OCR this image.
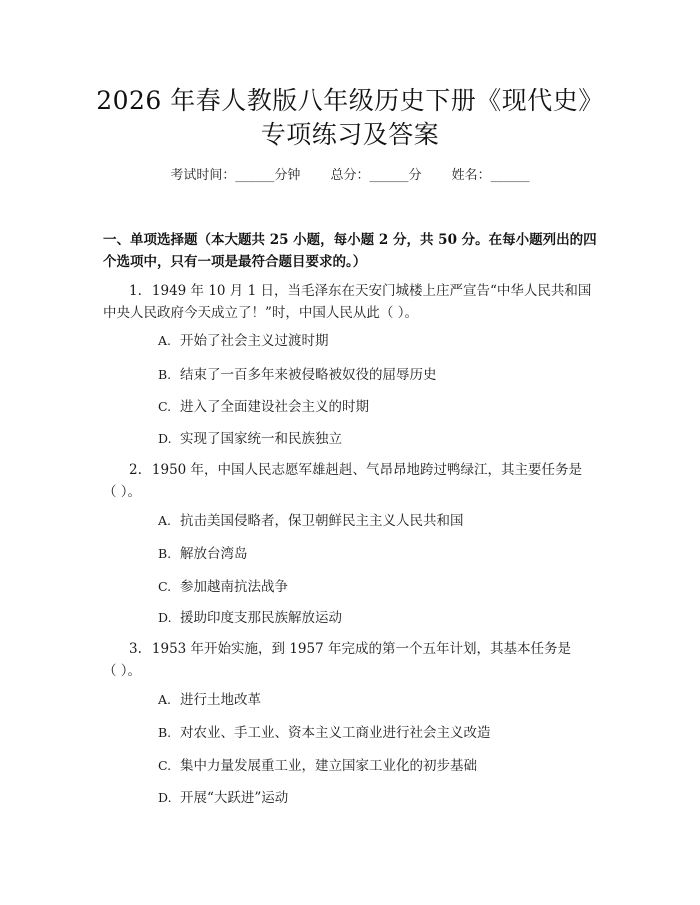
2026 年春人教版八年级历史下册《现代史》
专项练习及答案
考试时间：______分钟 总分：______分 姓名：______
一、单项选择题（本大题共 25 小题，每小题 2 分，共 50 分。在每小题列出的四
个选项中，只有一项是最符合题目要求的。）
1. 1949 年 10 月 1 日，当毛泽东在天安门城楼上庄严宣告“中华人民共和国
中央人民政府今天成立了！”时，中国人民从此（ ）。
A. 开始了社会主义过渡时期
B. 结束了一百多年来被侵略被奴役的屈辱历史
C. 进入了全面建设社会主义的时期
D. 实现了国家统一和民族独立
2. 1950 年，中国人民志愿军雄赳赳、气昂昂地跨过鸭绿江，其主要任务是
（ ）。
A. 抗击美国侵略者，保卫朝鲜民主主义人民共和国
B. 解放台湾岛
C. 参加越南抗法战争
D. 援助印度支那民族解放运动
3. 1953 年开始实施，到 1957 年完成的第一个五年计划，其基本任务是
（ ）。
A. 进行土地改革
B. 对农业、手工业、资本主义工商业进行社会主义改造
C. 集中力量发展重工业，建立国家工业化的初步基础
D. 开展“大跃进”运动
